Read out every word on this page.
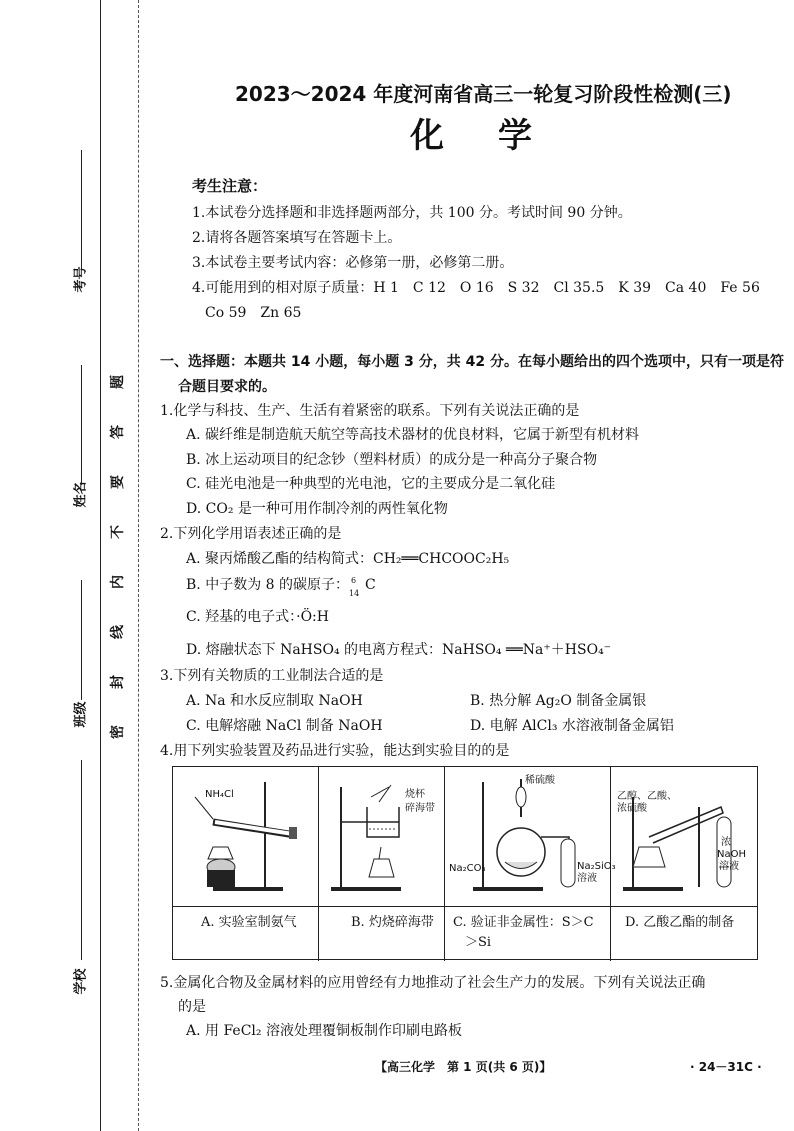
考号
姓名
班级
学校
题
答
要
不
内
线
封
密
2023～2024 年度河南省高三一轮复习阶段性检测(三)
化学
考生注意：
1.本试卷分选择题和非选择题两部分，共 100 分。考试时间 90 分钟。
2.请将各题答案填写在答题卡上。
3.本试卷主要考试内容：必修第一册，必修第二册。
4.可能用到的相对原子质量：H 1　C 12　O 16　S 32　Cl 35.5　K 39　Ca 40　Fe 56
Co 59　Zn 65
一、选择题：本题共 14 小题，每小题 3 分，共 42 分。在每小题给出的四个选项中，只有一项是符
合题目要求的。
1.化学与科技、生产、生活有着紧密的联系。下列有关说法正确的是
A. 碳纤维是制造航天航空等高技术器材的优良材料，它属于新型有机材料
B. 冰上运动项目的纪念钞（塑料材质）的成分是一种高分子聚合物
C. 硅光电池是一种典型的光电池，它的主要成分是二氧化硅
D. CO₂ 是一种可用作制冷剂的两性氧化物
2.下列化学用语表述正确的是
A. 聚丙烯酸乙酯的结构简式：CH₂══CHCOOC₂H₅
B. 中子数为 8 的碳原子： 6
14
C
C. 羟基的电子式：·Ö:H
D. 熔融状态下 NaHSO₄ 的电离方程式：NaHSO₄ ══Na⁺＋HSO₄⁻
3.下列有关物质的工业制法合适的是
A. Na 和水反应制取 NaOH	B. 热分解 Ag₂O 制备金属银
C. 电解熔融 NaCl 制备 NaOH	D. 电解 AlCl₃ 水溶液制备金属铝
4.用下列实验装置及药品进行实验，能达到实验目的的是
NH₄Cl
A. 实验室制氨气
烧杯
碎海带
B. 灼烧碎海带
稀硫酸
Na₂CO₃	Na₂SiO₃
溶液
C. 验证非金属性：S＞C
＞Si
乙醇、乙酸、
浓硫酸
浓
NaOH
溶液
D. 乙酸乙酯的制备
5.金属化合物及金属材料的应用曾经有力地推动了社会生产力的发展。下列有关说法正确
的是
A. 用 FeCl₂ 溶液处理覆铜板制作印刷电路板
【高三化学　第 1 页(共 6 页)】	· 24－31C ·
